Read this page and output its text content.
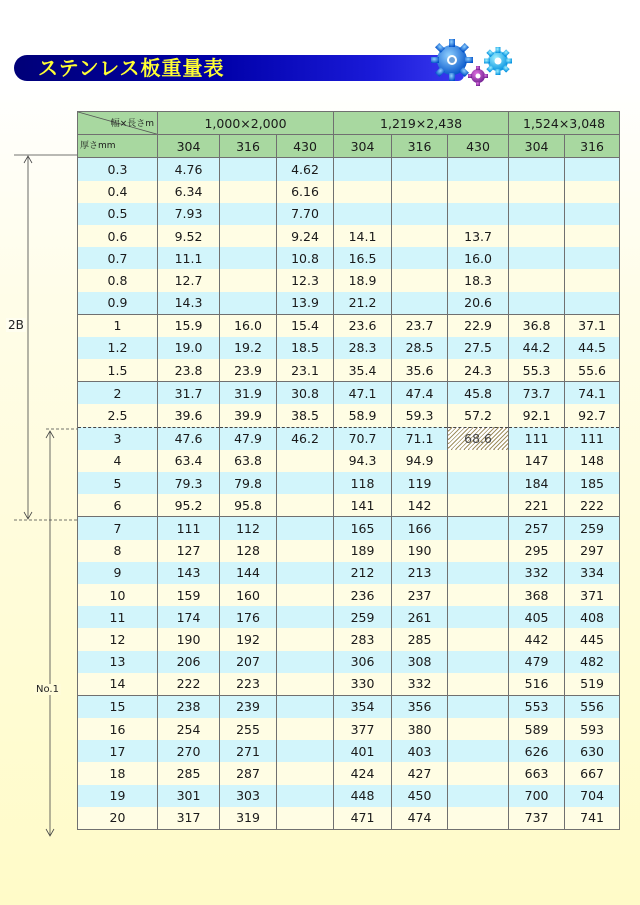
ステンレス板重量表
2B
No.1
幅×長さm	1,000×2,000			1,219×2,438			1,524×3,048	

厚さmm	304	316	430	304	316	430	304	316
0.3	4.76		4.62					
0.4	6.34		6.16					
0.5	7.93		7.70					
0.6	9.52		9.24	14.1		13.7		
0.7	11.1		10.8	16.5		16.0		
0.8	12.7		12.3	18.9		18.3		
0.9	14.3		13.9	21.2		20.6		
1	15.9	16.0	15.4	23.6	23.7	22.9	36.8	37.1
1.2	19.0	19.2	18.5	28.3	28.5	27.5	44.2	44.5
1.5	23.8	23.9	23.1	35.4	35.6	24.3	55.3	55.6
2	31.7	31.9	30.8	47.1	47.4	45.8	73.7	74.1
2.5	39.6	39.9	38.5	58.9	59.3	57.2	92.1	92.7
3	47.6	47.9	46.2	70.7	71.1	68.6	111	111
4	63.4	63.8		94.3	94.9		147	148
5	79.3	79.8		118	119		184	185
6	95.2	95.8		141	142		221	222
7	111	112		165	166		257	259
8	127	128		189	190		295	297
9	143	144		212	213		332	334
10	159	160		236	237		368	371
11	174	176		259	261		405	408
12	190	192		283	285		442	445
13	206	207		306	308		479	482
14	222	223		330	332		516	519
15	238	239		354	356		553	556
16	254	255		377	380		589	593
17	270	271		401	403		626	630
18	285	287		424	427		663	667
19	301	303		448	450		700	704
20	317	319		471	474		737	741
